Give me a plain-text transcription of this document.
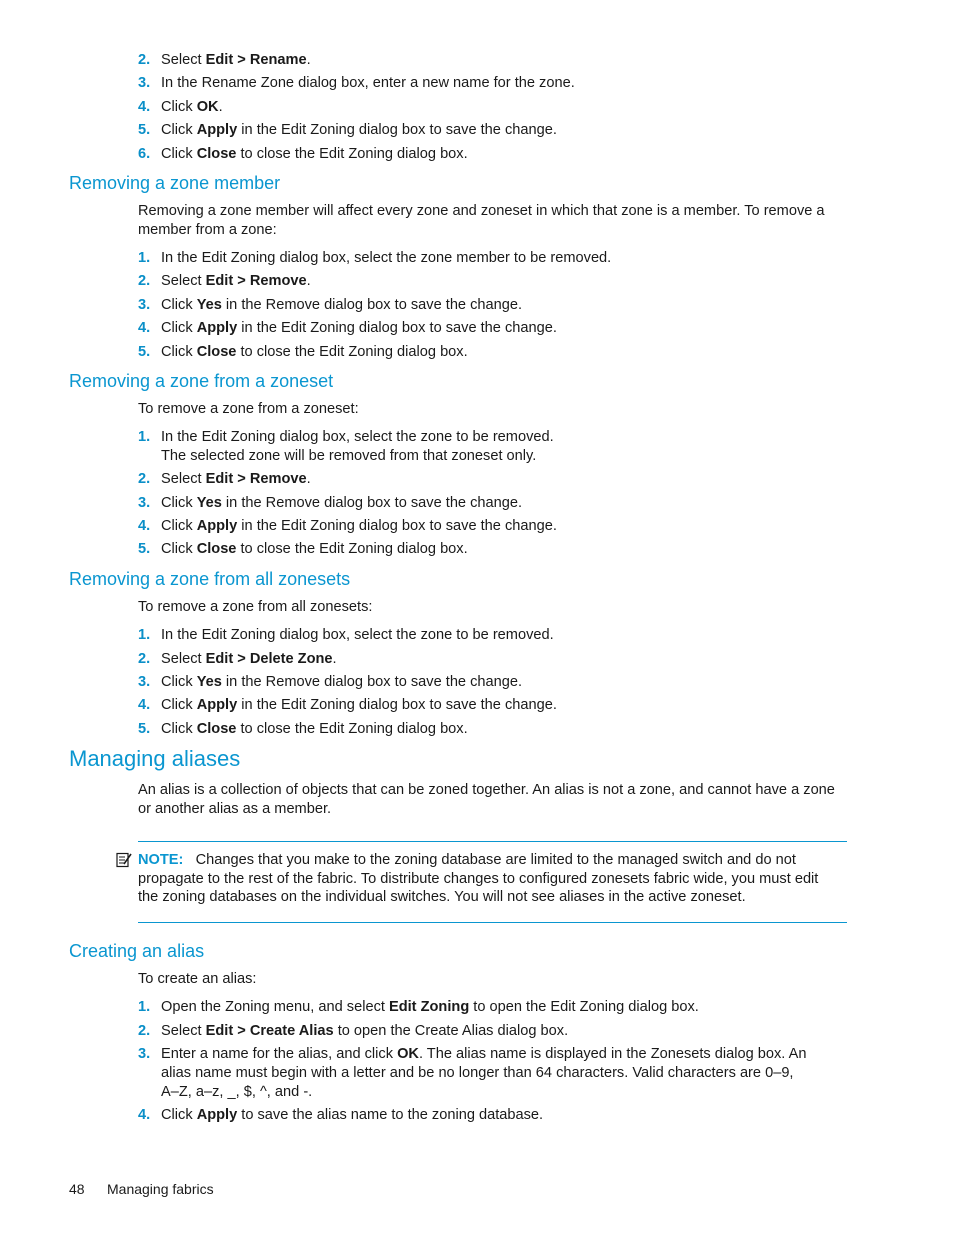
2. Select Edit > Rename.
3. In the Rename Zone dialog box, enter a new name for the zone.
4. Click OK.
5. Click Apply in the Edit Zoning dialog box to save the change.
6. Click Close to close the Edit Zoning dialog box.
Removing a zone member
Removing a zone member will affect every zone and zoneset in which that zone is a member. To remove a member from a zone:
1. In the Edit Zoning dialog box, select the zone member to be removed.
2. Select Edit > Remove.
3. Click Yes in the Remove dialog box to save the change.
4. Click Apply in the Edit Zoning dialog box to save the change.
5. Click Close to close the Edit Zoning dialog box.
Removing a zone from a zoneset
To remove a zone from a zoneset:
1. In the Edit Zoning dialog box, select the zone to be removed.
The selected zone will be removed from that zoneset only.
2. Select Edit > Remove.
3. Click Yes in the Remove dialog box to save the change.
4. Click Apply in the Edit Zoning dialog box to save the change.
5. Click Close to close the Edit Zoning dialog box.
Removing a zone from all zonesets
To remove a zone from all zonesets:
1. In the Edit Zoning dialog box, select the zone to be removed.
2. Select Edit > Delete Zone.
3. Click Yes in the Remove dialog box to save the change.
4. Click Apply in the Edit Zoning dialog box to save the change.
5. Click Close to close the Edit Zoning dialog box.
Managing aliases
An alias is a collection of objects that can be zoned together. An alias is not a zone, and cannot have a zone or another alias as a member.
NOTE: Changes that you make to the zoning database are limited to the managed switch and do not
propagate to the rest of the fabric. To distribute changes to configured zonesets fabric wide, you must edit
the zoning databases on the individual switches. You will not see aliases in the active zoneset.
Creating an alias
To create an alias:
1. Open the Zoning menu, and select Edit Zoning to open the Edit Zoning dialog box.
2. Select Edit > Create Alias to open the Create Alias dialog box.
3. Enter a name for the alias, and click OK. The alias name is displayed in the Zonesets dialog box. An
alias name must begin with a letter and be no longer than 64 characters. Valid characters are 0–9,
A–Z, a–z, _, $, ^, and -.
4. Click Apply to save the alias name to the zoning database.
48 Managing fabrics
